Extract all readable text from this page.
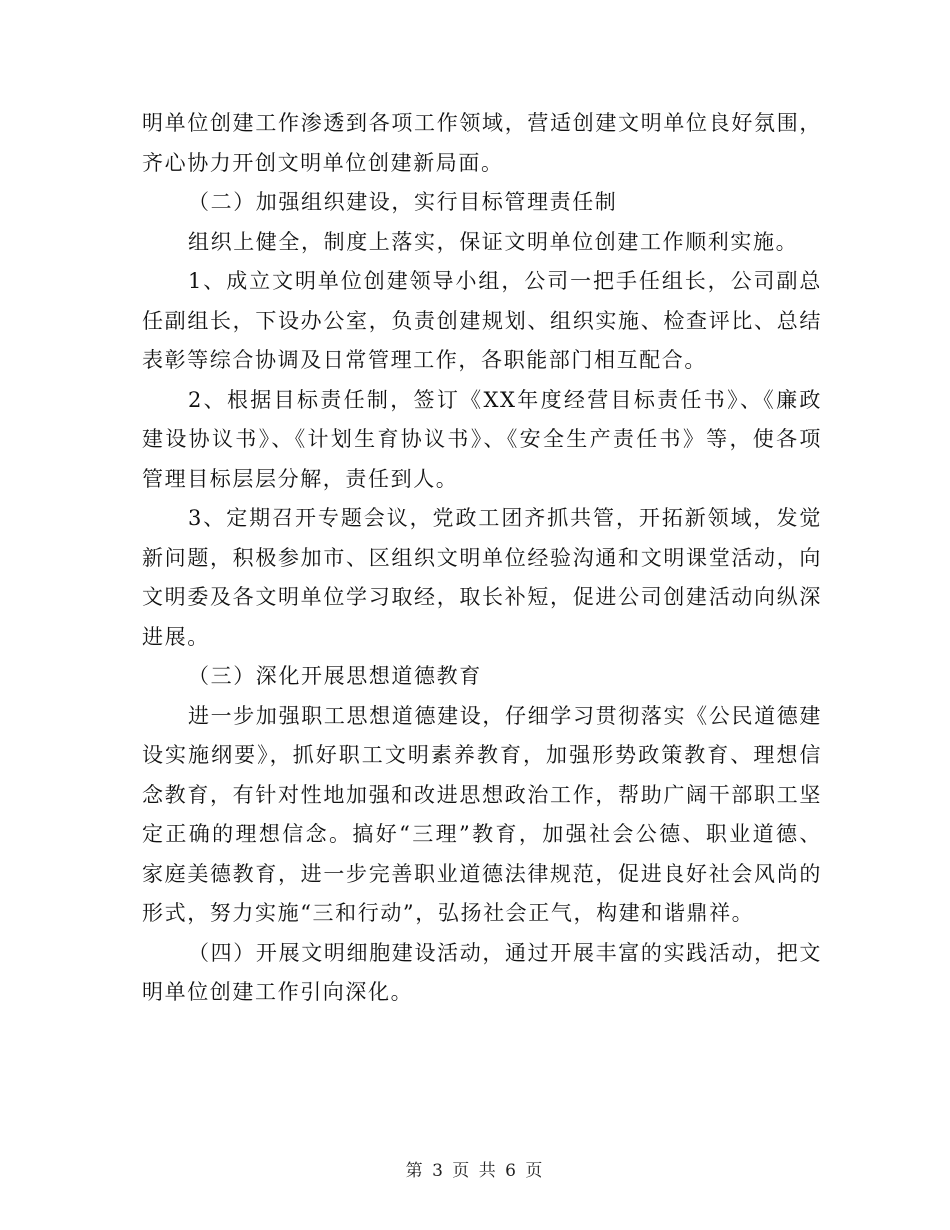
明单位创建工作渗透到各项工作领域，营适创建文明单位良好氛围，齐心协力开创文明单位创建新局面。

（二）加强组织建设，实行目标管理责任制

组织上健全，制度上落实，保证文明单位创建工作顺利实施。

1、成立文明单位创建领导小组，公司一把手任组长，公司副总任副组长，下设办公室，负责创建规划、组织实施、检查评比、总结表彰等综合协调及日常管理工作，各职能部门相互配合。

2、根据目标责任制，签订《XX年度经营目标责任书》、《廉政建设协议书》、《计划生育协议书》、《安全生产责任书》等，使各项管理目标层层分解，责任到人。

3、定期召开专题会议，党政工团齐抓共管，开拓新领域，发觉新问题，积极参加市、区组织文明单位经验沟通和文明课堂活动，向文明委及各文明单位学习取经，取长补短，促进公司创建活动向纵深进展。

（三）深化开展思想道德教育

进一步加强职工思想道德建设，仔细学习贯彻落实《公民道德建设实施纲要》，抓好职工文明素养教育，加强形势政策教育、理想信念教育，有针对性地加强和改进思想政治工作，帮助广阔干部职工坚定正确的理想信念。搞好“三理”教育，加强社会公德、职业道德、家庭美德教育，进一步完善职业道德法律规范，促进良好社会风尚的形式，努力实施“三和行动”，弘扬社会正气，构建和谐鼎祥。

（四）开展文明细胞建设活动，通过开展丰富的实践活动，把文明单位创建工作引向深化。

第 3 页 共 6 页
